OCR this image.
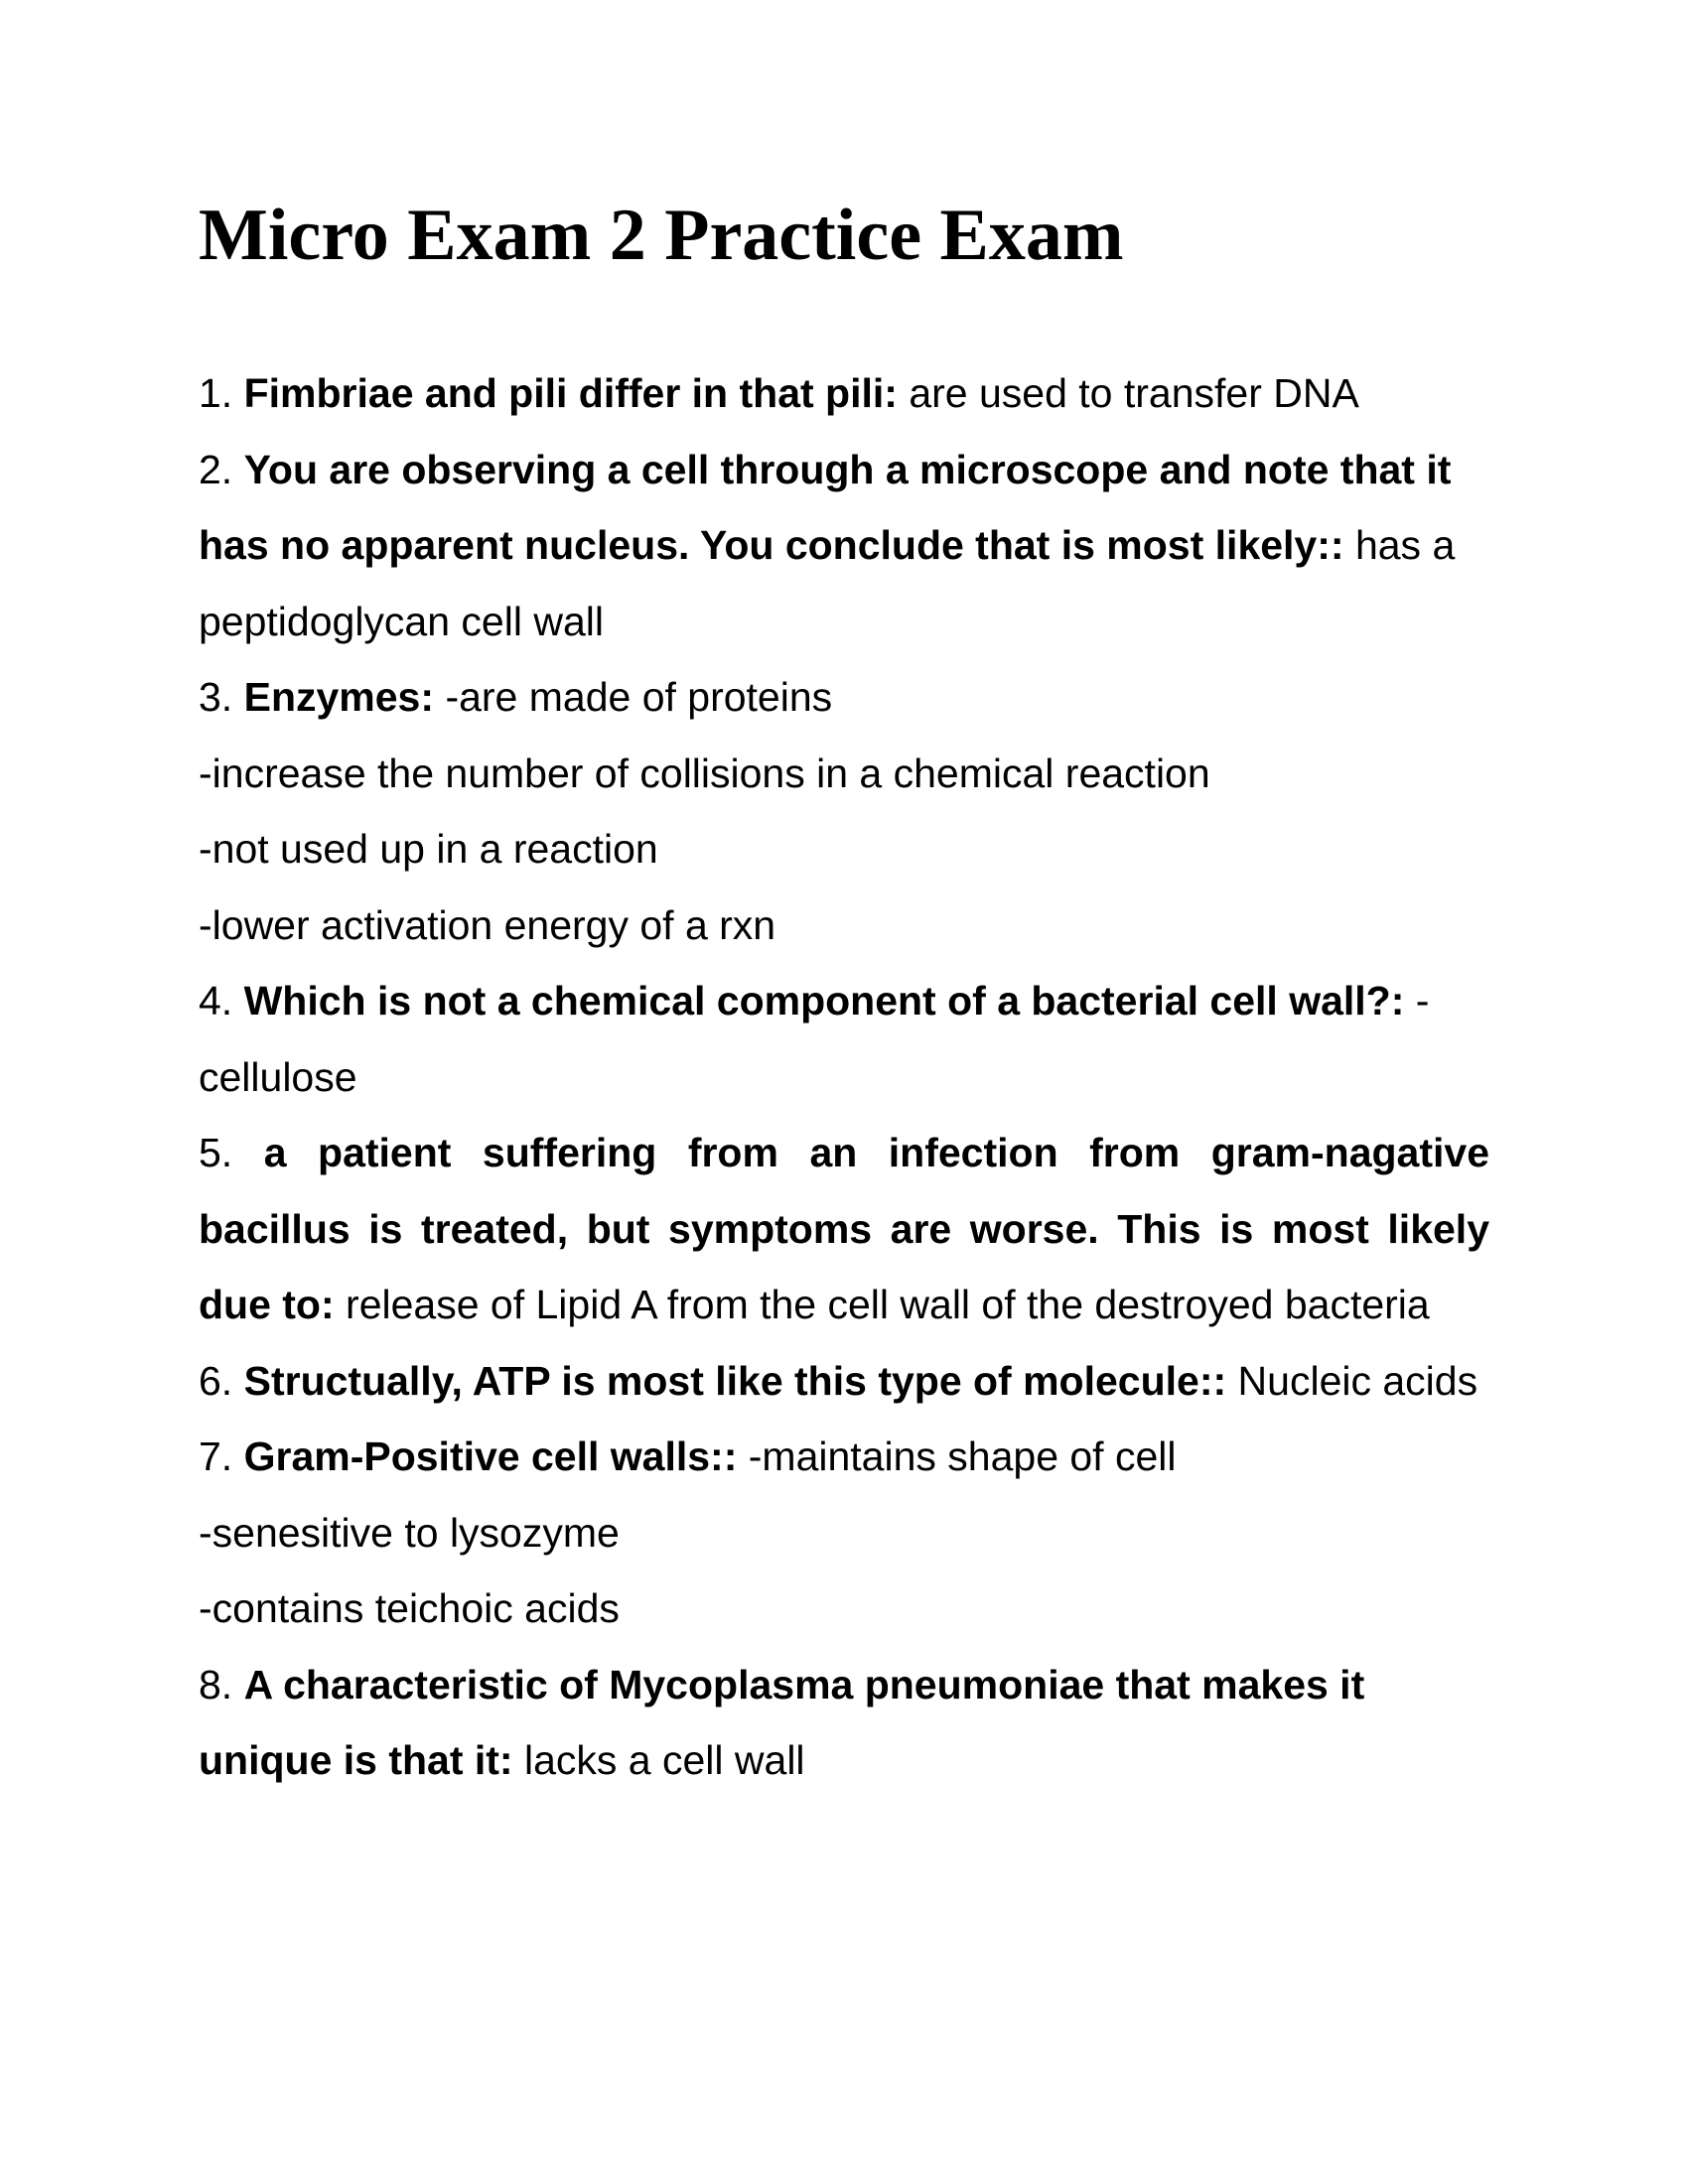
Micro Exam 2 Practice Exam

1. Fimbriae and pili differ in that pili: are used to transfer DNA

2. You are observing a cell through a microscope and note that it has no apparent nucleus. You conclude that is most likely:: has a peptidoglycan cell wall

3. Enzymes: -are made of proteins

-increase the number of collisions in a chemical reaction

-not used up in a reaction

-lower activation energy of a rxn

4. Which is not a chemical component of a bacterial cell wall?: -cellulose

5. a patient suffering from an infection from gram-nagative bacillus is treated, but symptoms are worse. This is most likely due to: release of Lipid A from the cell wall of the destroyed bacteria

6. Structually, ATP is most like this type of molecule:: Nucleic acids

7. Gram-Positive cell walls:: -maintains shape of cell

-senesitive to lysozyme

-contains teichoic acids

8. A characteristic of Mycoplasma pneumoniae that makes it unique is that it: lacks a cell wall
